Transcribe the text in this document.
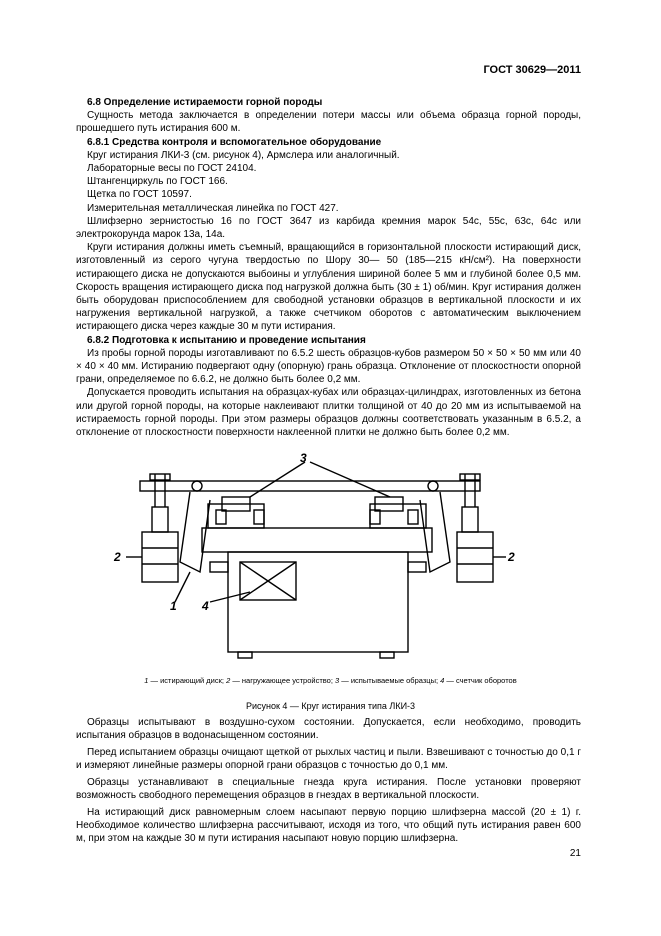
ГОСТ 30629—2011

6.8 Определение истираемости горной породы

Сущность метода заключается в определении потери массы или объема образца горной породы, прошедшего путь истирания 600 м.

6.8.1 Средства контроля и вспомогательное оборудование

Круг истирания ЛКИ-3 (см. рисунок 4), Армслера или аналогичный.

Лабораторные весы по ГОСТ 24104.

Штангенциркуль по ГОСТ 166.

Щетка по ГОСТ 10597.

Измерительная металлическая линейка по ГОСТ 427.

Шлифзерно зернистостью 16 по ГОСТ 3647 из карбида кремния марок 54с, 55с, 63с, 64с или электрокорунда марок 13а, 14а.

Круги истирания должны иметь съемный, вращающийся в горизонтальной плоскости истирающий диск, изготовленный из серого чугуна твердостью по Шору 30— 50 (185—215 кН/см²). На поверхности истирающего диска не допускаются выбоины и углубления шириной более 5 мм и глубиной более 0,5 мм. Скорость вращения истирающего диска под нагрузкой должна быть (30 ± 1) об/мин. Круг истирания должен быть оборудован приспособлением для свободной установки образцов в вертикальной плоскости и их нагружения вертикальной нагрузкой, а также счетчиком оборотов с автоматическим выключением истирающего диска через каждые 30 м пути истирания.

6.8.2 Подготовка к испытанию и проведение испытания

Из пробы горной породы изготавливают по 6.5.2 шесть образцов-кубов размером 50 × 50 × 50 мм или 40 × 40 × 40 мм. Истиранию подвергают одну (опорную) грань образца. Отклонение от плоскостности опорной грани, определяемое по 6.6.2, не должно быть более 0,2 мм.

Допускается проводить испытания на образцах-кубах или образцах-цилиндрах, изготовленных из бетона или другой горной породы, на которые наклеивают плитки толщиной от 40 до 20 мм из испытываемой на истираемость горной породы. При этом размеры образцов должны соответствовать указанным в 6.5.2, а отклонение от плоскостности поверхности наклеенной плитки не должно быть более 0,2 мм.

3
2	2
1 4
1 — истирающий диск; 2 — нагружающее устройство; 3 — испытываемые образцы; 4 — счетчик оборотов
Рисунок 4 — Круг истирания типа ЛКИ-3

Образцы испытывают в воздушно-сухом состоянии. Допускается, если необходимо, проводить испытания образцов в водонасыщенном состоянии.

Перед испытанием образцы очищают щеткой от рыхлых частиц и пыли. Взвешивают с точностью до 0,1 г и измеряют линейные размеры опорной грани образцов с точностью до 0,1 мм.

Образцы устанавливают в специальные гнезда круга истирания. После установки проверяют возможность свободного перемещения образцов в гнездах в вертикальной плоскости.

На истирающий диск равномерным слоем насыпают первую порцию шлифзерна массой (20 ± 1) г. Необходимое количество шлифзерна рассчитывают, исходя из того, что общий путь истирания равен 600 м, при этом на каждые 30 м пути истирания насыпают новую порцию шлифзерна.

21
